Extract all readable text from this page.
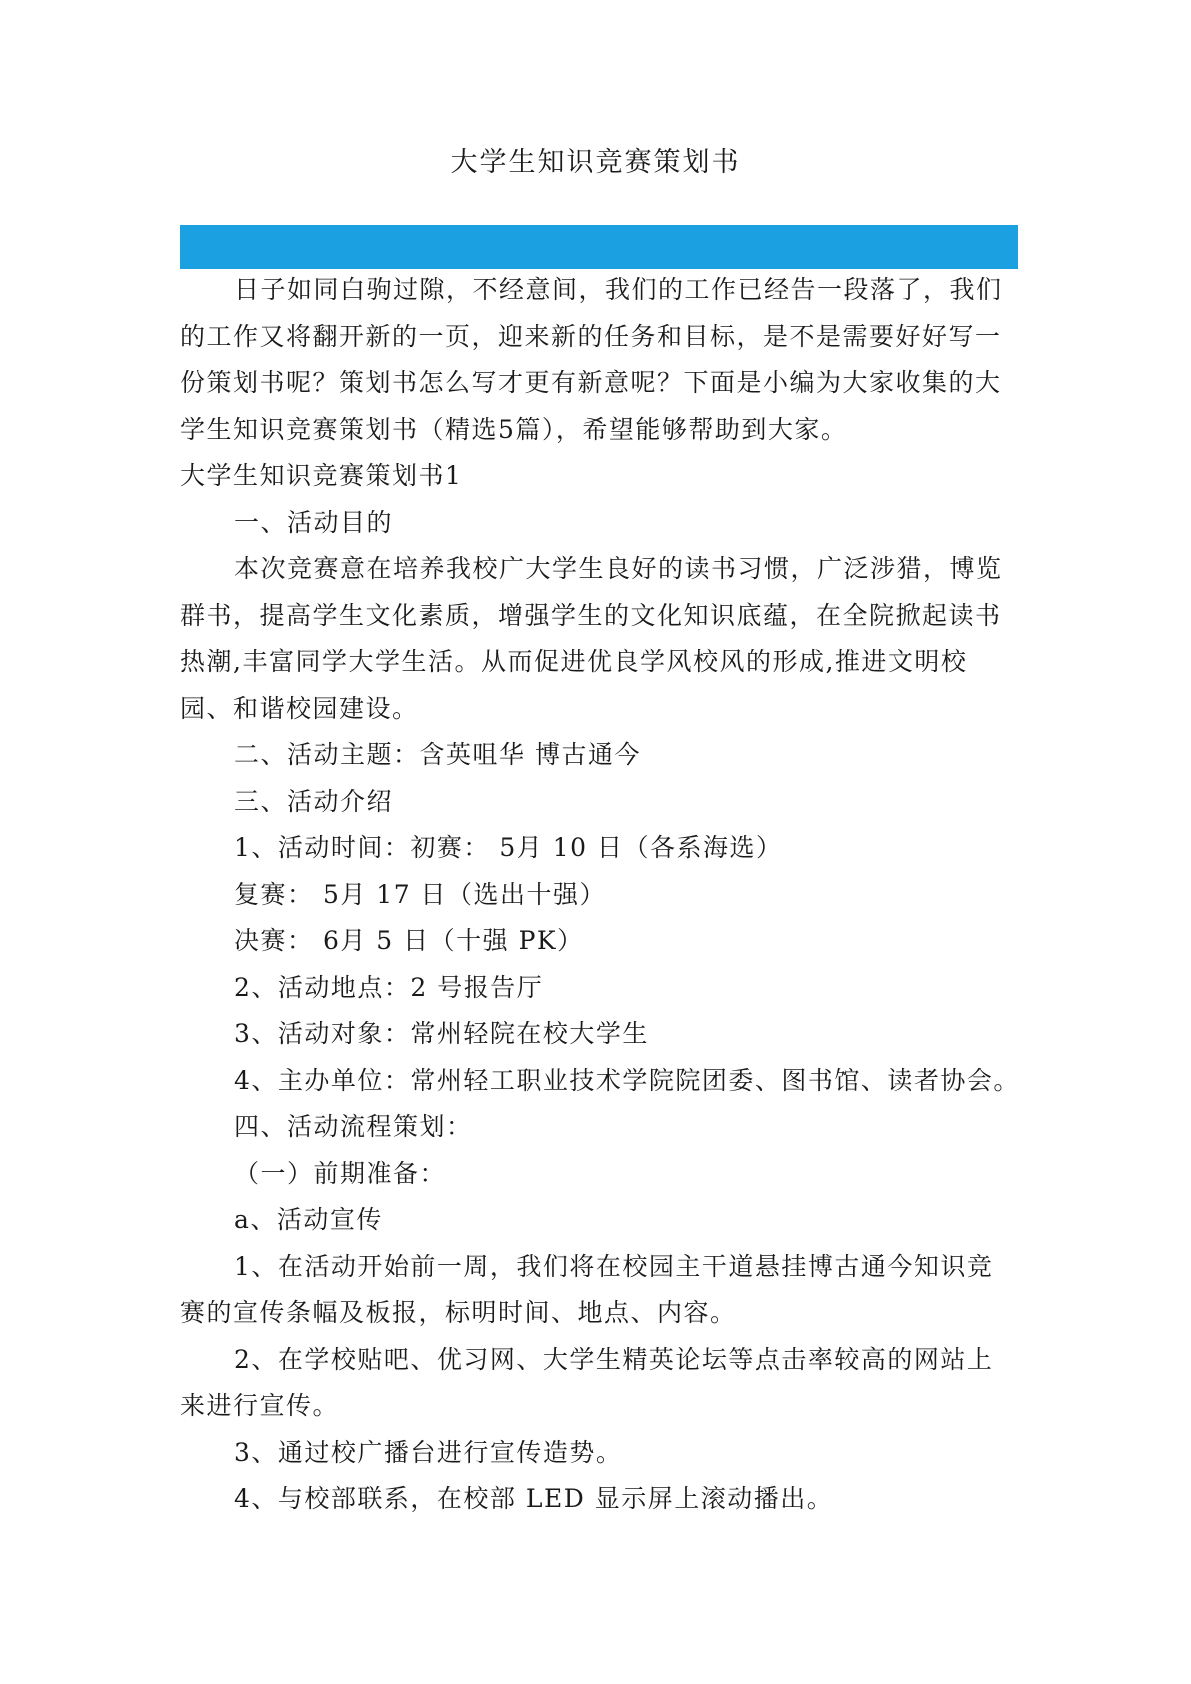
大学生知识竞赛策划书

日子如同白驹过隙，不经意间，我们的工作已经告一段落了，我们的工作又将翻开新的一页，迎来新的任务和目标，是不是需要好好写一份策划书呢？策划书怎么写才更有新意呢？下面是小编为大家收集的大学生知识竞赛策划书（精选5篇），希望能够帮助到大家。

大学生知识竞赛策划书1

一、活动目的

本次竞赛意在培养我校广大学生良好的读书习惯，广泛涉猎，博览群书，提高学生文化素质，增强学生的文化知识底蕴，在全院掀起读书热潮,丰富同学大学生活。从而促进优良学风校风的形成,推进文明校园、和谐校园建设。

二、活动主题：含英咀华 博古通今

三、活动介绍

1、活动时间：初赛： 5月 10 日（各系海选）

复赛： 5月 17 日（选出十强）

决赛： 6月 5 日（十强 PK）

2、活动地点：2 号报告厅

3、活动对象：常州轻院在校大学生

4、主办单位：常州轻工职业技术学院院团委、图书馆、读者协会。

四、活动流程策划：

（一）前期准备：

a、活动宣传

1、在活动开始前一周，我们将在校园主干道悬挂博古通今知识竞赛的宣传条幅及板报，标明时间、地点、内容。

2、在学校贴吧、优习网、大学生精英论坛等点击率较高的网站上来进行宣传。

3、通过校广播台进行宣传造势。

4、与校部联系，在校部 LED 显示屏上滚动播出。
